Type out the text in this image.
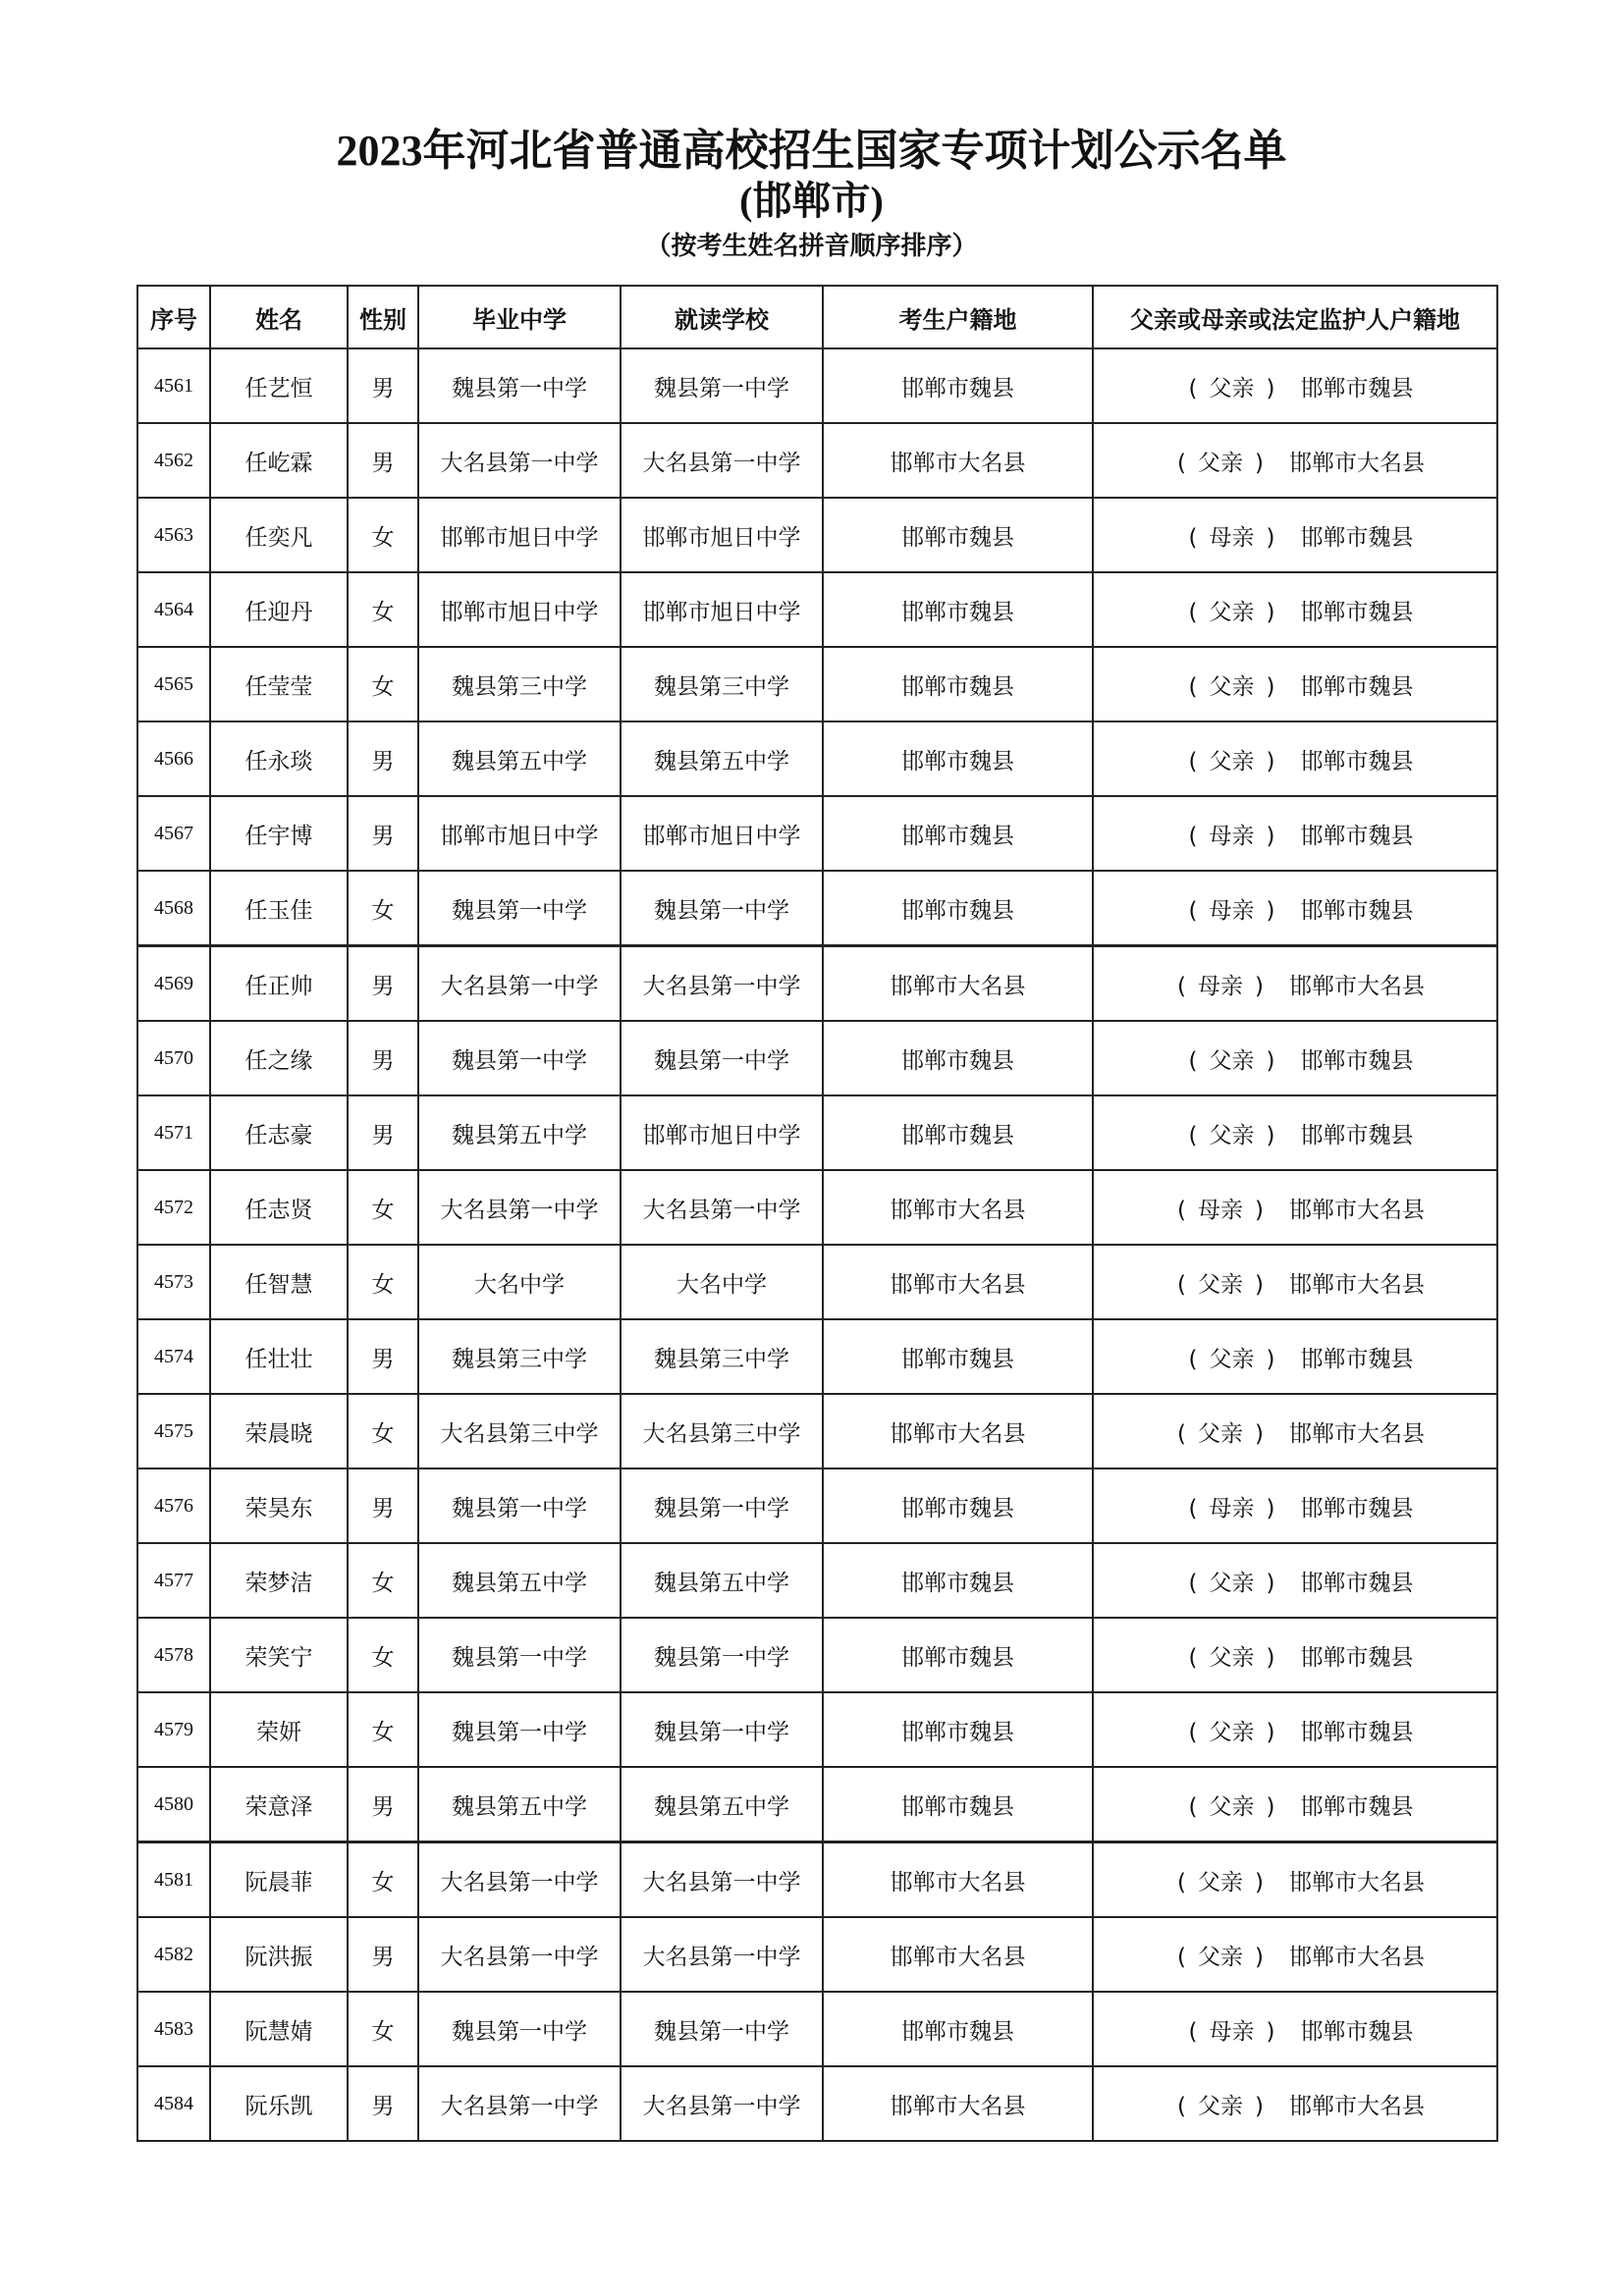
2023年河北省普通高校招生国家专项计划公示名单
(邯郸市)
（按考生姓名拼音顺序排序）
序号	姓名	性别	毕业中学	就读学校	考生户籍地	父亲或母亲或法定监护人户籍地
4561	任艺恒	男	魏县第一中学	魏县第一中学	邯郸市魏县	( 父亲 ) 邯郸市魏县
4562	任屹霖	男	大名县第一中学	大名县第一中学	邯郸市大名县	( 父亲 ) 邯郸市大名县
4563	任奕凡	女	邯郸市旭日中学	邯郸市旭日中学	邯郸市魏县	( 母亲 ) 邯郸市魏县
4564	任迎丹	女	邯郸市旭日中学	邯郸市旭日中学	邯郸市魏县	( 父亲 ) 邯郸市魏县
4565	任莹莹	女	魏县第三中学	魏县第三中学	邯郸市魏县	( 父亲 ) 邯郸市魏县
4566	任永琰	男	魏县第五中学	魏县第五中学	邯郸市魏县	( 父亲 ) 邯郸市魏县
4567	任宇博	男	邯郸市旭日中学	邯郸市旭日中学	邯郸市魏县	( 母亲 ) 邯郸市魏县
4568	任玉佳	女	魏县第一中学	魏县第一中学	邯郸市魏县	( 母亲 ) 邯郸市魏县
4569	任正帅	男	大名县第一中学	大名县第一中学	邯郸市大名县	( 母亲 ) 邯郸市大名县
4570	任之缘	男	魏县第一中学	魏县第一中学	邯郸市魏县	( 父亲 ) 邯郸市魏县
4571	任志豪	男	魏县第五中学	邯郸市旭日中学	邯郸市魏县	( 父亲 ) 邯郸市魏县
4572	任志贤	女	大名县第一中学	大名县第一中学	邯郸市大名县	( 母亲 ) 邯郸市大名县
4573	任智慧	女	大名中学	大名中学	邯郸市大名县	( 父亲 ) 邯郸市大名县
4574	任壮壮	男	魏县第三中学	魏县第三中学	邯郸市魏县	( 父亲 ) 邯郸市魏县
4575	荣晨晓	女	大名县第三中学	大名县第三中学	邯郸市大名县	( 父亲 ) 邯郸市大名县
4576	荣昊东	男	魏县第一中学	魏县第一中学	邯郸市魏县	( 母亲 ) 邯郸市魏县
4577	荣梦洁	女	魏县第五中学	魏县第五中学	邯郸市魏县	( 父亲 ) 邯郸市魏县
4578	荣笑宁	女	魏县第一中学	魏县第一中学	邯郸市魏县	( 父亲 ) 邯郸市魏县
4579	荣妍	女	魏县第一中学	魏县第一中学	邯郸市魏县	( 父亲 ) 邯郸市魏县
4580	荣意泽	男	魏县第五中学	魏县第五中学	邯郸市魏县	( 父亲 ) 邯郸市魏县
4581	阮晨菲	女	大名县第一中学	大名县第一中学	邯郸市大名县	( 父亲 ) 邯郸市大名县
4582	阮洪振	男	大名县第一中学	大名县第一中学	邯郸市大名县	( 父亲 ) 邯郸市大名县
4583	阮慧婧	女	魏县第一中学	魏县第一中学	邯郸市魏县	( 母亲 ) 邯郸市魏县
4584	阮乐凯	男	大名县第一中学	大名县第一中学	邯郸市大名县	( 父亲 ) 邯郸市大名县
